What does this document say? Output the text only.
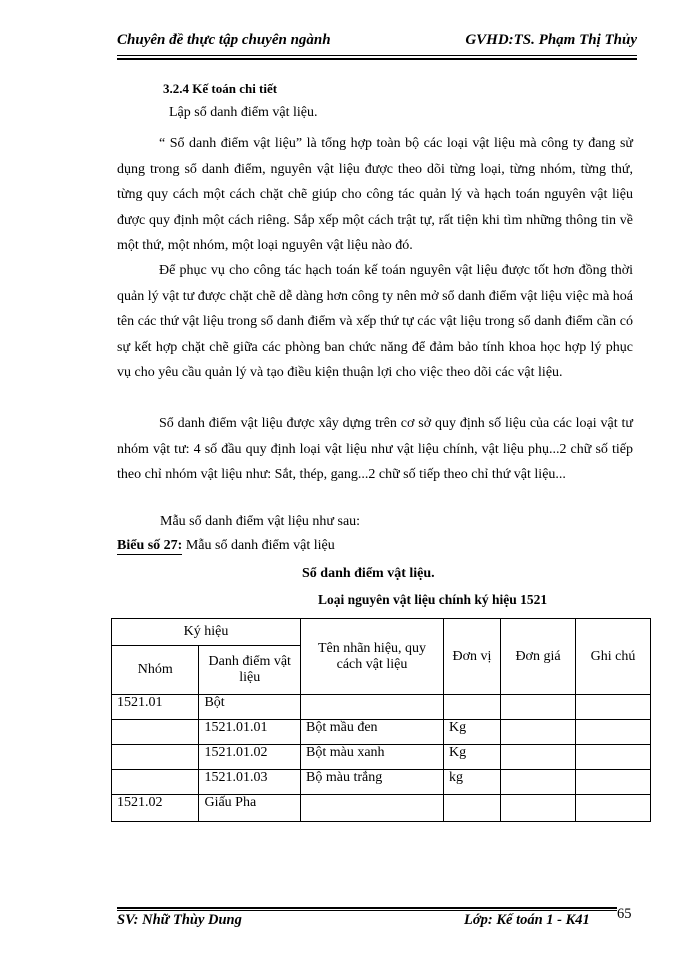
Chuyên đề thực tập chuyên ngành	GVHD:TS. Phạm Thị Thủy
3.2.4 Kế toán chi tiết
Lập sổ danh điểm vật liệu.
“ Sổ danh điểm vật liệu” là tổng hợp toàn bộ các loại vật liệu mà công ty đang sử dụng trong sổ danh điểm, nguyên vật liệu được theo dõi từng loại, từng nhóm, từng thứ, từng quy cách một cách chặt chẽ giúp cho công tác quản lý và hạch toán nguyên vật liệu được quy định một cách riêng. Sắp xếp một cách trật tự, rất tiện khi tìm những thông tin về một thứ, một nhóm, một loại nguyên vật liệu nào đó.
Để phục vụ cho công tác hạch toán kế toán nguyên vật liệu được tốt hơn đồng thời quản lý vật tư được chặt chẽ dễ dàng hơn công ty nên mở sổ danh điểm vật liệu việc mà hoá tên các thứ vật liệu trong sổ danh điểm và xếp thứ tự các vật liệu trong sổ danh điểm cần có sự kết hợp chặt chẽ giữa các phòng ban chức năng để đảm bảo tính khoa học hợp lý phục vụ cho yêu cầu quản lý và tạo điều kiện thuận lợi cho việc theo dõi các vật liệu.
Sổ danh điểm vật liệu được xây dựng trên cơ sở quy định số liệu của các loại vật tư nhóm vật tư: 4 số đầu quy định loại vật liệu như vật liệu chính, vật liệu phụ...2 chữ số tiếp theo chỉ nhóm vật liệu như: Sắt, thép, gang...2 chữ số tiếp theo chỉ thứ vật liệu...
Mẫu sổ danh điểm vật liệu như sau:
Biểu số 27: Mẫu sổ danh điểm vật liệu
Sổ danh điểm vật liệu.
Loại nguyên vật liệu chính ký hiệu 1521
Ký hiệu		Tên nhãn hiệu, quy cách vật liệu	Đơn vị	Đơn giá	Ghi chú
Nhóm	Danh điểm vật liệu				
1521.01	Bột				
	1521.01.01	Bột mầu đen	Kg		
	1521.01.02	Bột màu xanh	Kg		
	1521.01.03	Bộ màu trắng	kg		
1521.02	Giấu Pha				
SV: Nhữ Thùy Dung	Lớp: Kế toán 1 - K41 65
